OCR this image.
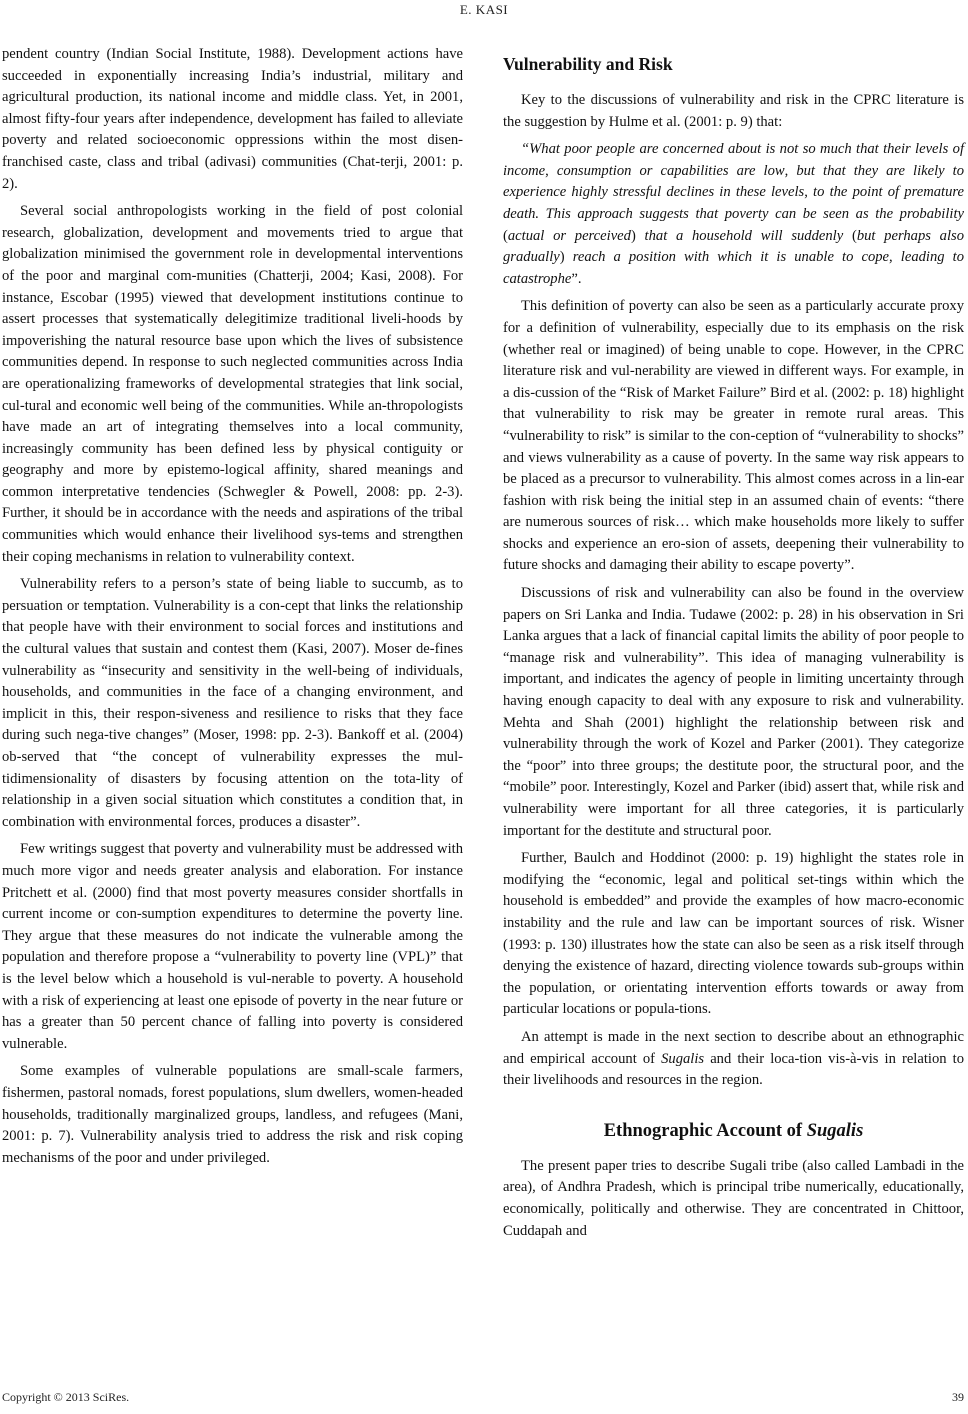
E. KASI

pendent country (Indian Social Institute, 1988). Development actions have succeeded in exponentially increasing India’s industrial, military and agricultural production, its national income and middle class. Yet, in 2001, almost fifty-four years after independence, development has failed to alleviate poverty and related socioeconomic oppressions within the most disen-franchised caste, class and tribal (adivasi) communities (Chat-terji, 2001: p. 2).

Several social anthropologists working in the field of post colonial research, globalization, development and movements tried to argue that globalization minimised the government role in developmental interventions of the poor and marginal com-munities (Chatterji, 2004; Kasi, 2008). For instance, Escobar (1995) viewed that development institutions continue to assert processes that systematically delegitimize traditional liveli-hoods by impoverishing the natural resource base upon which the lives of subsistence communities depend. In response to such neglected communities across India are operationalizing frameworks of developmental strategies that link social, cul-tural and economic well being of the communities. While an-thropologists have made an art of integrating themselves into a local community, increasingly community has been defined less by physical contiguity or geography and more by epistemo-logical affinity, shared meanings and common interpretative tendencies (Schwegler & Powell, 2008: pp. 2-3). Further, it should be in accordance with the needs and aspirations of the tribal communities which would enhance their livelihood sys-tems and strengthen their coping mechanisms in relation to vulnerability context.

Vulnerability refers to a person’s state of being liable to succumb, as to persuation or temptation. Vulnerability is a con-cept that links the relationship that people have with their environment to social forces and institutions and the cultural values that sustain and contest them (Kasi, 2007). Moser de-fines vulnerability as “insecurity and sensitivity in the well-being of individuals, households, and communities in the face of a changing environment, and implicit in this, their respon-siveness and resilience to risks that they face during such nega-tive changes” (Moser, 1998: pp. 2-3). Bankoff et al. (2004) ob-served that “the concept of vulnerability expresses the mul-tidimensionality of disasters by focusing attention on the tota-lity of relationship in a given social situation which constitutes a condition that, in combination with environmental forces, produces a disaster”.

Few writings suggest that poverty and vulnerability must be addressed with much more vigor and needs greater analysis and elaboration. For instance Pritchett et al. (2000) find that most poverty measures consider shortfalls in current income or con-sumption expenditures to determine the poverty line. They argue that these measures do not indicate the vulnerable among the population and therefore propose a “vulnerability to poverty line (VPL)” that is the level below which a household is vul-nerable to poverty. A household with a risk of experiencing at least one episode of poverty in the near future or has a greater than 50 percent chance of falling into poverty is considered vulnerable.

Some examples of vulnerable populations are small-scale farmers, fishermen, pastoral nomads, forest populations, slum dwellers, women-headed households, traditionally marginalized groups, landless, and refugees (Mani, 2001: p. 7). Vulnerability analysis tried to address the risk and risk coping mechanisms of the poor and under privileged.

Vulnerability and Risk

Key to the discussions of vulnerability and risk in the CPRC literature is the suggestion by Hulme et al. (2001: p. 9) that:

“What poor people are concerned about is not so much that their levels of income, consumption or capabilities are low, but that they are likely to experience highly stressful declines in these levels, to the point of premature death. This approach suggests that poverty can be seen as the probability (actual or perceived) that a household will suddenly (but perhaps also gradually) reach a position with which it is unable to cope, leading to catastrophe”.

This definition of poverty can also be seen as a particularly accurate proxy for a definition of vulnerability, especially due to its emphasis on the risk (whether real or imagined) of being unable to cope. However, in the CPRC literature risk and vul-nerability are viewed in different ways. For example, in a dis-cussion of the “Risk of Market Failure” Bird et al. (2002: p. 18) highlight that vulnerability to risk may be greater in remote rural areas. This “vulnerability to risk” is similar to the con-ception of “vulnerability to shocks” and views vulnerability as a cause of poverty. In the same way risk appears to be placed as a precursor to vulnerability. This almost comes across in a lin-ear fashion with risk being the initial step in an assumed chain of events: “there are numerous sources of risk… which make households more likely to suffer shocks and experience an ero-sion of assets, deepening their vulnerability to future shocks and damaging their ability to escape poverty”.

Discussions of risk and vulnerability can also be found in the overview papers on Sri Lanka and India. Tudawe (2002: p. 28) in his observation in Sri Lanka argues that a lack of financial capital limits the ability of poor people to “manage risk and vulnerability”. This idea of managing vulnerability is important, and indicates the agency of people in limiting uncertainty through having enough capacity to deal with any exposure to risk and vulnerability. Mehta and Shah (2001) highlight the relationship between risk and vulnerability through the work of Kozel and Parker (2001). They categorize the “poor” into three groups; the destitute poor, the structural poor, and the “mobile” poor. Interestingly, Kozel and Parker (ibid) assert that, while risk and vulnerability were important for all three categories, it is particularly important for the destitute and structural poor.

Further, Baulch and Hoddinot (2000: p. 19) highlight the states role in modifying the “economic, legal and political set-tings within which the household is embedded” and provide the examples of how macro-economic instability and the rule and law can be important sources of risk. Wisner (1993: p. 130) illustrates how the state can also be seen as a risk itself through denying the existence of hazard, directing violence towards sub-groups within the population, or orientating intervention efforts towards or away from particular locations or popula-tions.

An attempt is made in the next section to describe about an ethnographic and empirical account of Sugalis and their loca-tion vis-à-vis in relation to their livelihoods and resources in the region.

Ethnographic Account of Sugalis

The present paper tries to describe Sugali tribe (also called Lambadi in the area), of Andhra Pradesh, which is principal tribe numerically, educationally, economically, politically and otherwise. They are concentrated in Chittoor, Cuddapah and

Copyright © 2013 SciRes.	39
